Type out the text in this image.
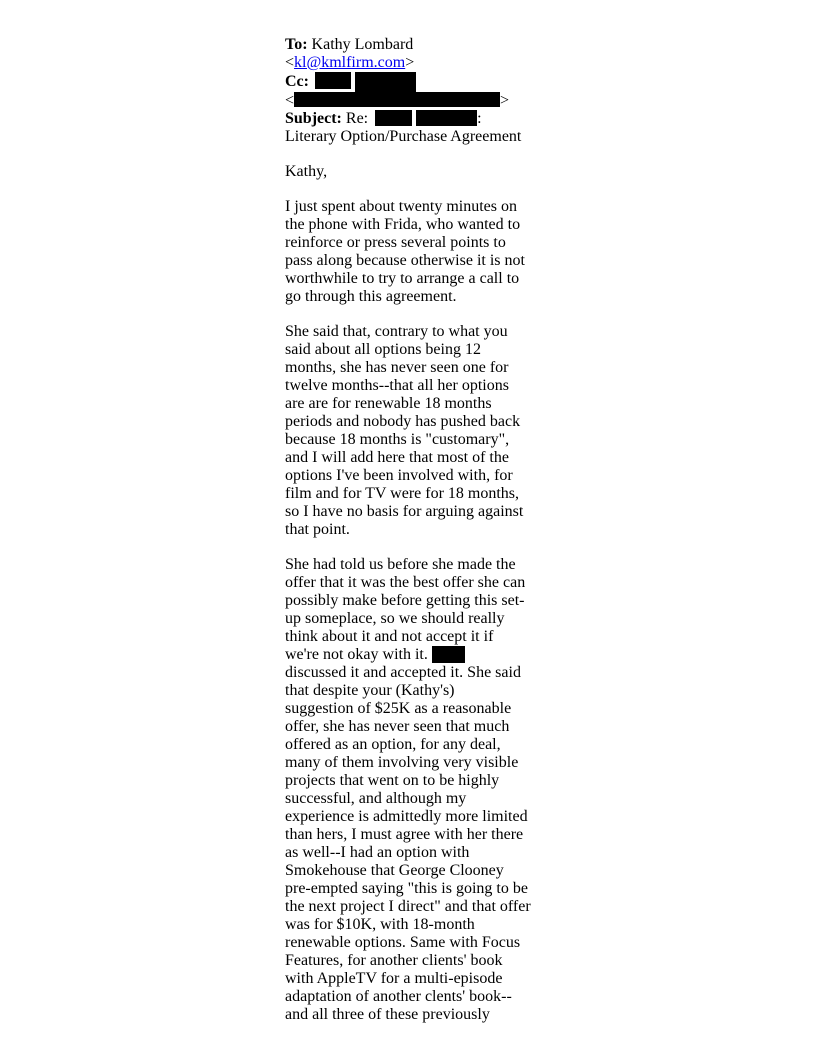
To: Kathy Lombard
<kl@kmlfirm.com>
Cc:
<	>
Subject: Re:	:
Literary Option/Purchase Agreement
Kathy,
I just spent about twenty minutes on
the phone with Frida, who wanted to
reinforce or press several points to
pass along because otherwise it is not
worthwhile to try to arrange a call to
go through this agreement.
She said that, contrary to what you
said about all options being 12
months, she has never seen one for
twelve months--that all her options
are are for renewable 18 months
periods and nobody has pushed back
because 18 months is "customary",
and I will add here that most of the
options I've been involved with, for
film and for TV were for 18 months,
so I have no basis for arguing against
that point.
She had told us before she made the
offer that it was the best offer she can
possibly make before getting this set-
up someplace, so we should really
think about it and not accept it if
we're not okay with it.
discussed it and accepted it. She said
that despite your (Kathy's)
suggestion of $25K as a reasonable
offer, she has never seen that much
offered as an option, for any deal,
many of them involving very visible
projects that went on to be highly
successful, and although my
experience is admittedly more limited
than hers, I must agree with her there
as well--I had an option with
Smokehouse that George Clooney
pre-empted saying "this is going to be
the next project I direct" and that offer
was for $10K, with 18-month
renewable options. Same with Focus
Features, for another clients' book
with AppleTV for a multi-episode
adaptation of another clents' book--
and all three of these previously
